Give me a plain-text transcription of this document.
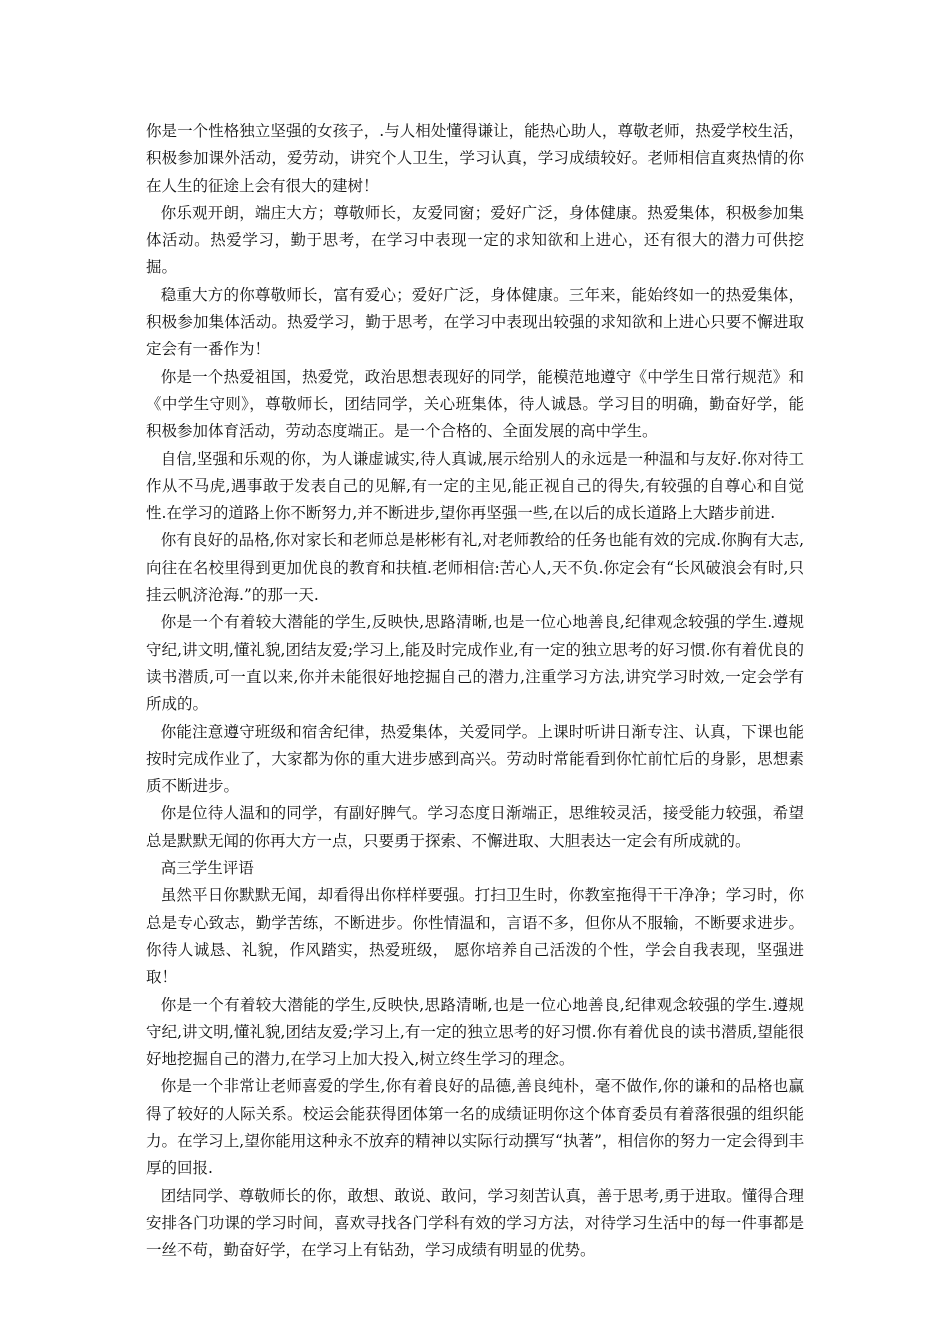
你是一个性格独立坚强的女孩子，.与人相处懂得谦让，能热心助人，尊敬老师，热爱学校生活，积极参加课外活动，爱劳动，讲究个人卫生，学习认真，学习成绩较好。老师相信直爽热情的你在人生的征途上会有很大的建树！

你乐观开朗，端庄大方；尊敬师长，友爱同窗；爱好广泛，身体健康。热爱集体，积极参加集体活动。热爱学习，勤于思考，在学习中表现一定的求知欲和上进心，还有很大的潜力可供挖掘。

稳重大方的你尊敬师长，富有爱心；爱好广泛，身体健康。三年来，能始终如一的热爱集体，积极参加集体活动。热爱学习，勤于思考，在学习中表现出较强的求知欲和上进心只要不懈进取定会有一番作为！

你是一个热爱祖国，热爱党，政治思想表现好的同学，能模范地遵守《中学生日常行规范》和《中学生守则》，尊敬师长，团结同学，关心班集体，待人诚恳。学习目的明确，勤奋好学，能积极参加体育活动，劳动态度端正。是一个合格的、全面发展的高中学生。

自信,坚强和乐观的你，为人谦虚诚实,待人真诚,展示给别人的永远是一种温和与友好.你对待工作从不马虎,遇事敢于发表自己的见解,有一定的主见,能正视自己的得失,有较强的自尊心和自觉性.在学习的道路上你不断努力,并不断进步,望你再坚强一些,在以后的成长道路上大踏步前进.

你有良好的品格,你对家长和老师总是彬彬有礼,对老师教给的任务也能有效的完成.你胸有大志,向往在名校里得到更加优良的教育和扶植.老师相信:苦心人,天不负.你定会有“长风破浪会有时,只挂云帆济沧海.”的那一天.

你是一个有着较大潜能的学生,反映快,思路清晰,也是一位心地善良,纪律观念较强的学生.遵规守纪,讲文明,懂礼貌,团结友爱;学习上,能及时完成作业,有一定的独立思考的好习惯.你有着优良的读书潜质,可一直以来,你并未能很好地挖掘自己的潜力,注重学习方法,讲究学习时效,一定会学有所成的。

你能注意遵守班级和宿舍纪律，热爱集体，关爱同学。上课时听讲日渐专注、认真，下课也能按时完成作业了，大家都为你的重大进步感到高兴。劳动时常能看到你忙前忙后的身影，思想素质不断进步。

你是位待人温和的同学，有副好脾气。学习态度日渐端正，思维较灵活，接受能力较强，希望总是默默无闻的你再大方一点，只要勇于探索、不懈进取、大胆表达一定会有所成就的。

高三学生评语

虽然平日你默默无闻，却看得出你样样要强。打扫卫生时，你教室拖得干干净净；学习时，你总是专心致志，勤学苦练，不断进步。你性情温和，言语不多，但你从不服输，不断要求进步。你待人诚恳、礼貌，作风踏实，热爱班级， 愿你培养自己活泼的个性，学会自我表现，坚强进取！

你是一个有着较大潜能的学生,反映快,思路清晰,也是一位心地善良,纪律观念较强的学生.遵规守纪,讲文明,懂礼貌,团结友爱;学习上,有一定的独立思考的好习惯.你有着优良的读书潜质,望能很好地挖掘自己的潜力,在学习上加大投入,树立终生学习的理念。

你是一个非常让老师喜爱的学生,你有着良好的品德,善良纯朴，毫不做作,你的谦和的品格也赢得了较好的人际关系。校运会能获得团体第一名的成绩证明你这个体育委员有着落很强的组织能力。在学习上,望你能用这种永不放弃的精神以实际行动撰写“执著”，相信你的努力一定会得到丰厚的回报.

团结同学、尊敬师长的你，敢想、敢说、敢问，学习刻苦认真，善于思考,勇于进取。懂得合理安排各门功课的学习时间，喜欢寻找各门学科有效的学习方法，对待学习生活中的每一件事都是一丝不苟，勤奋好学，在学习上有钻劲，学习成绩有明显的优势。
